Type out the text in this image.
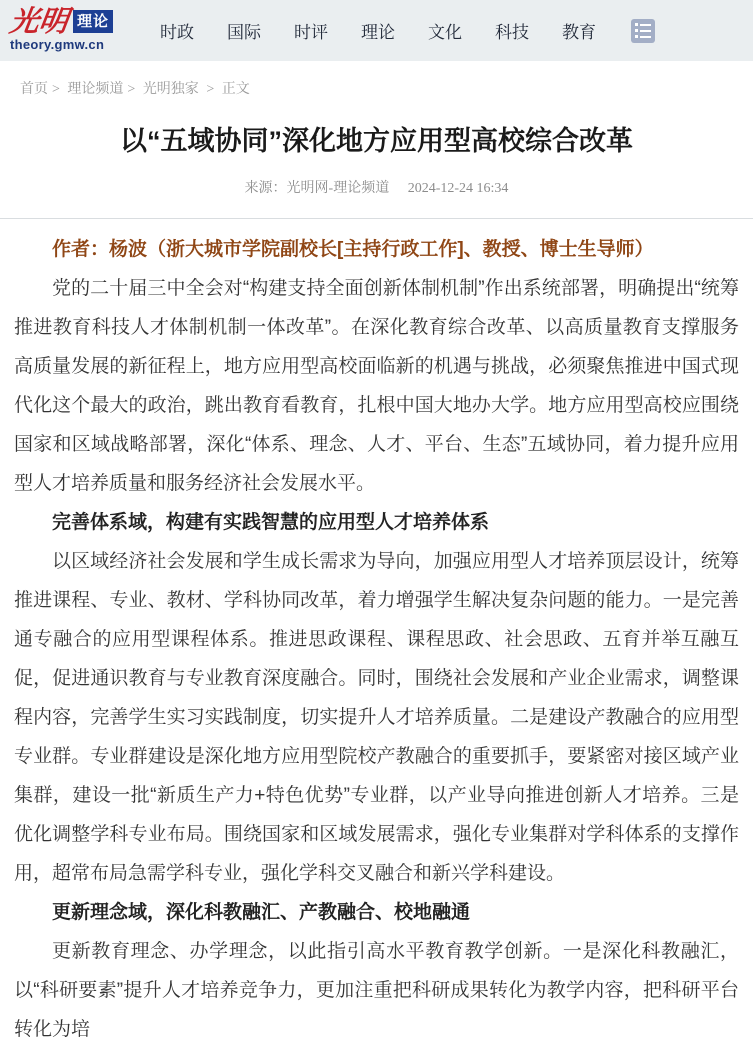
光明 理论
theory.gmw.cn
时政 国际 时评 理论 文化 科技 教育
首页 > 理论频道 > 光明独家 > 正文
以“五域协同”深化地方应用型高校综合改革
来源：光明网-理论频道 2024-12-24 16:34

作者：杨波（浙大城市学院副校长[主持行政工作]、教授、博士生导师）

党的二十届三中全会对“构建支持全面创新体制机制”作出系统部署，明确提出“统筹推进教育科技人才体制机制一体改革”。在深化教育综合改革、以高质量教育支撑服务高质量发展的新征程上，地方应用型高校面临新的机遇与挑战，必须聚焦推进中国式现代化这个最大的政治，跳出教育看教育，扎根中国大地办大学。地方应用型高校应围绕国家和区域战略部署，深化“体系、理念、人才、平台、生态”五域协同，着力提升应用型人才培养质量和服务经济社会发展水平。

完善体系域，构建有实践智慧的应用型人才培养体系

以区域经济社会发展和学生成长需求为导向，加强应用型人才培养顶层设计，统筹推进课程、专业、教材、学科协同改革，着力增强学生解决复杂问题的能力。一是完善通专融合的应用型课程体系。推进思政课程、课程思政、社会思政、五育并举互融互促，促进通识教育与专业教育深度融合。同时，围绕社会发展和产业企业需求，调整课程内容，完善学生实习实践制度，切实提升人才培养质量。二是建设产教融合的应用型专业群。专业群建设是深化地方应用型院校产教融合的重要抓手，要紧密对接区域产业集群，建设一批“新质生产力+特色优势”专业群，以产业导向推进创新人才培养。三是优化调整学科专业布局。围绕国家和区域发展需求，强化专业集群对学科体系的支撑作用，超常布局急需学科专业，强化学科交叉融合和新兴学科建设。

更新理念域，深化科教融汇、产教融合、校地融通

更新教育理念、办学理念，以此指引高水平教育教学创新。一是深化科教融汇，以“科研要素”提升人才培养竞争力，更加注重把科研成果转化为教学内容，把科研平台转化为培
